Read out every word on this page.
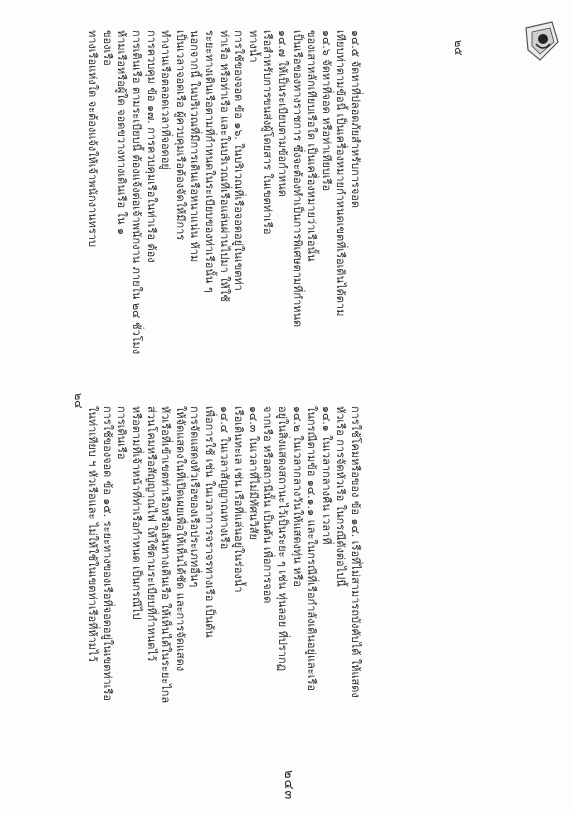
๒๔
๒๕
๒๔๓
การใช้โคมหรือของ ข้อ ๑๔. เรือที่ไม่สามารถบังคับได้ ให้แสดง
หัวเรือ การจัดหัวเรือ ในกรณีดังต่อไปนี้
๑๔.๑ ในเวลากลางคืน เวลาที่
ในกรณีตามข้อ ๑๔.๑.๑ และในกรณีที่เรือกำลังเดินอยู่และเรือ
๑๔.๒ ในเวลากลางวันให้แสดงทุ่น หรือ
อยู่ในสิ่งแสดงสถานะไว้เป็นระยะ ๆ เช่น ทุ่นลอย ที่ปรากฏ
จากเรือ หรือสถานีนั้น เป็นต้น เพื่อการจอด
๑๔.๓ ในเวลาที่ไม่มีทัศนวิสัย
เรือเดินทะเล เช่น เรือที่แล่นอยู่ในร่องน้ำ
๑๔.๔ ในเวลาสัญญาณทางเรือ
เพื่อการใช้ เช่น ในเวลาการจราจรทางเรือ เป็นต้น
การจัดแสดงหัวเรือของเรือประเภทอื่นๆ
ให้จัดแสดงในที่เปิดเผยเพื่อให้เห็นได้ชัด และการจัดแสดง
หัวเรือที่เข้าเขตท่าเรือหรือเส้นทางเดินเรือ ให้เห็นได้ในระยะไกล
ส่วนโคมหรือสัญญาณไฟ ให้ใช้ตามระเบียบที่กำหนดไว้
หรือตามที่เจ้าหน้าที่ท่าเรือกำหนด เป็นกรณีไป
การเดินเรือ
การใช้ของจอด ข้อ ๑๕. ระยะทางของเรือที่จอดอยู่ในเขตท่าเรือ
ในท่าเทียบ ฯ หัวเรือและ ไม่ให้ใช้ในเขตท่าเรือที่ห้ามไว้
๑๔.๕ จัดหาที่ปลอดภัยสำหรับการจอด
เทียบท่าตามข้อนี้ เป็นเครื่องหมายกำหนดเขตที่เรือเดินได้ตาม
๑๔.๖ จัดหาที่จอด หรือท่าเทียบเรือ
ของเสาหลักเทียบเรือใด เป็นเครื่องหมายว่าเรือนั้น
เป็นเรือของทางราชการ ซึ่งจะต้องทำเป็นการพิเศษตามที่กำหนด
๑๔.๗ ให้เป็นระเบียบตามข้อกำหนด
เรือสำหรับการขนส่งผู้โดยสาร ในเขตท่าเรือ
ทางน้ำ
การใช้ของจอด ข้อ ๑๖. ในบริเวณที่เรือจอดอยู่ในเขตท่า
ท่าเรือ หรือท่าเรือ และในบริเวณที่เรือแล่นผ่านไปมา ให้ใช้
ระยะทางเดินเรือตามที่กำหนดในระเบียบของท่าเรือนั้น ๆ
นอกจากนี้ ในบริเวณที่มีการเดินเรือหนาแน่น ห้าม
เป็นเวลาจอดเรือ ผู้ควบคุมเรือต้องจัดให้มีการ
ทำงานเรือตลอดเวลาที่จอดอยู่
การควบคุม ข้อ ๑๗. การควบคุมเรือในท่าเรือ ต้อง
การเดินเรือ ตามระเบียบนี้ ต้องแจ้งต่อเจ้าพนักงาน ภายใน ๒๔ ชั่วโมง
ห้ามเรือหรือผู้ใด จอดขวางทางเดินเรือ ใน ๑
ของเรือ
ทางเรือแห่งใด จะต้องแจ้งให้เจ้าพนักงานทราบ
